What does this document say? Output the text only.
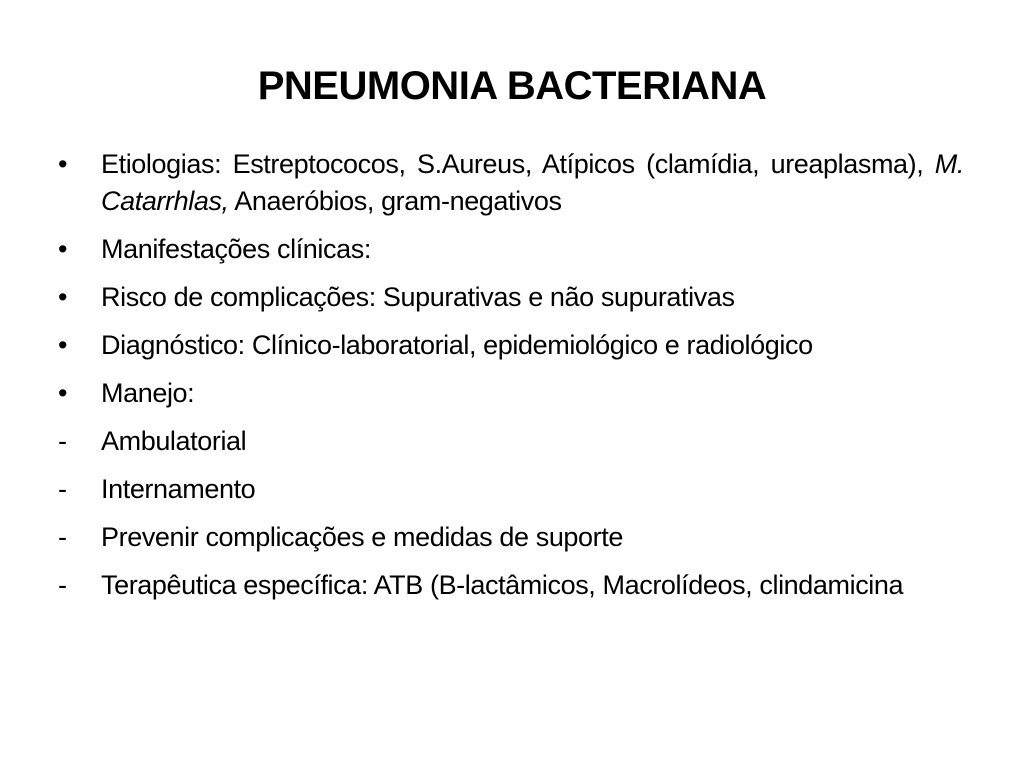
PNEUMONIA BACTERIANA
•	Etiologias: Estreptococos, S.Aureus, Atípicos (clamídia, ureaplasma), M. Catarrhlas, Anaeróbios, gram-negativos
•	Manifestações clínicas:
•	Risco de complicações: Supurativas e não supurativas
•	Diagnóstico: Clínico-laboratorial, epidemiológico e radiológico
•	Manejo:
-	Ambulatorial
-	Internamento
-	Prevenir complicações e medidas de suporte
-	Terapêutica específica: ATB (B-lactâmicos, Macrolídeos, clindamicina
